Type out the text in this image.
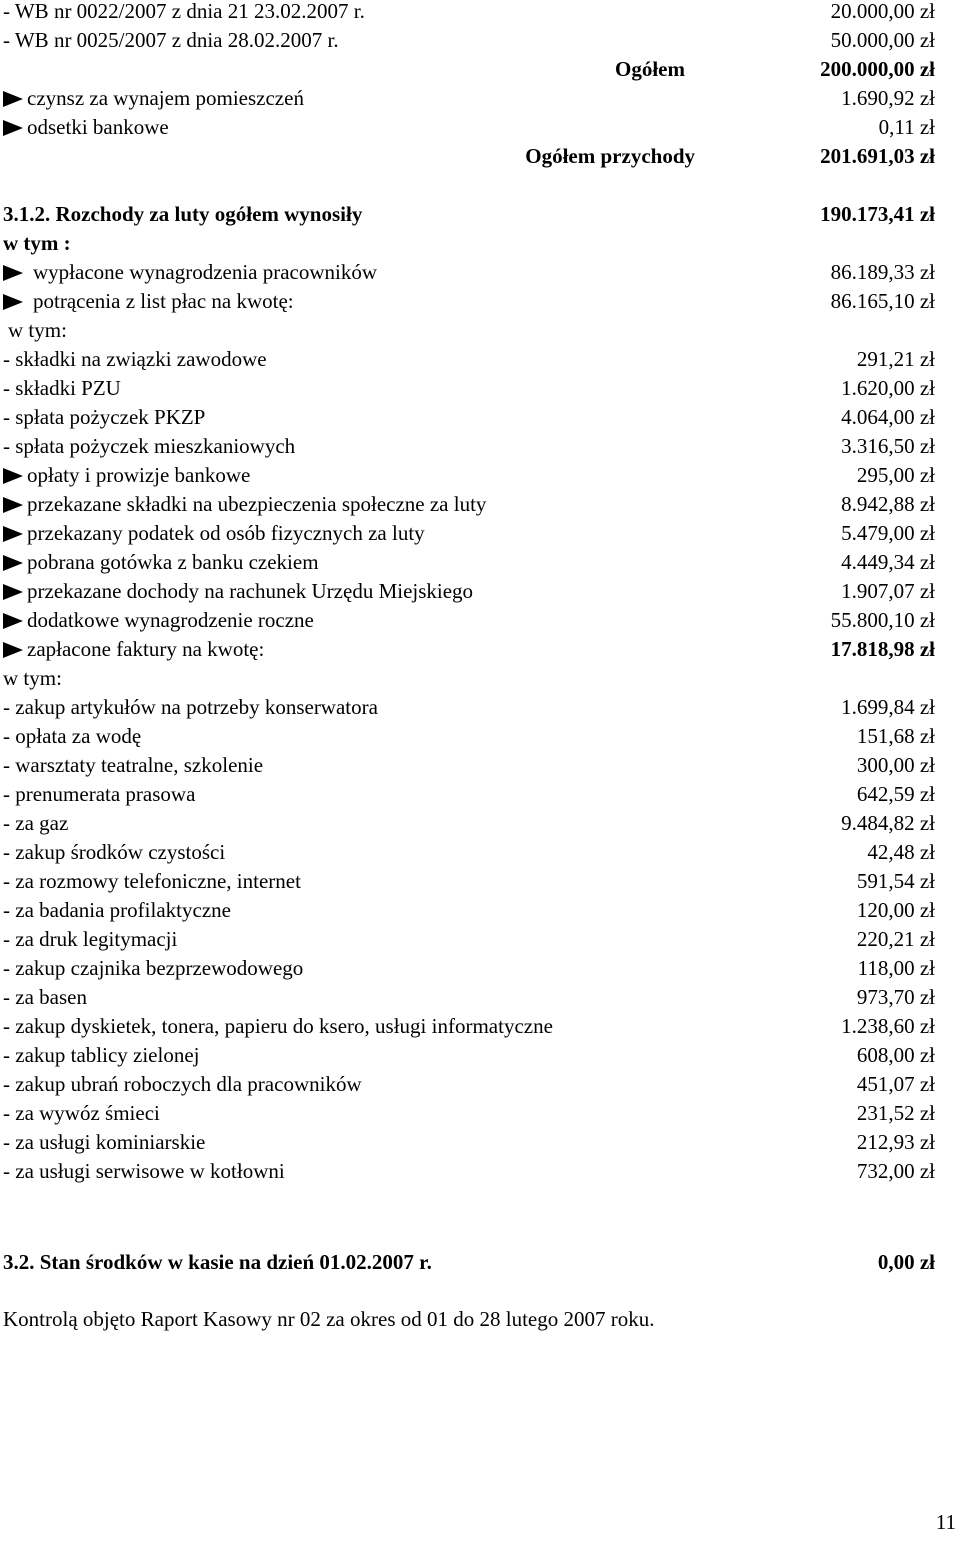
- WB nr 0022/2007 z dnia 21 23.02.2007 r.	20.000,00 zł
- WB nr 0025/2007 z dnia 28.02.2007 r.	50.000,00 zł
Ogółem	200.000,00 zł
czynsz za wynajem pomieszczeń	1.690,92 zł
odsetki bankowe	0,11 zł
Ogółem przychody	201.691,03 zł
3.1.2. Rozchody za luty ogółem wynosiły	190.173,41 zł
w tym :
wypłacone wynagrodzenia pracowników	86.189,33 zł
potrącenia z list płac na kwotę:	86.165,10 zł
w tym:
- składki na związki zawodowe	291,21 zł
- składki PZU	1.620,00 zł
- spłata pożyczek PKZP	4.064,00 zł
- spłata pożyczek mieszkaniowych	3.316,50 zł
opłaty i prowizje bankowe	295,00 zł
przekazane składki na ubezpieczenia społeczne za luty	8.942,88 zł
przekazany podatek od osób fizycznych za luty	5.479,00 zł
pobrana gotówka z banku czekiem	4.449,34 zł
przekazane dochody na rachunek Urzędu Miejskiego	1.907,07 zł
dodatkowe wynagrodzenie roczne	55.800,10 zł
zapłacone faktury na kwotę:	17.818,98 zł
w tym:
- zakup artykułów na potrzeby konserwatora	1.699,84 zł
- opłata za wodę	151,68 zł
- warsztaty teatralne, szkolenie	300,00 zł
- prenumerata prasowa	642,59 zł
- za gaz	9.484,82 zł
- zakup środków czystości	42,48 zł
- za rozmowy telefoniczne, internet	591,54 zł
- za badania profilaktyczne	120,00 zł
- za druk legitymacji	220,21 zł
- zakup czajnika bezprzewodowego	118,00 zł
- za basen	973,70 zł
- zakup dyskietek, tonera, papieru do ksero, usługi informatyczne	1.238,60 zł
- zakup tablicy zielonej	608,00 zł
- zakup ubrań roboczych dla pracowników	451,07 zł
- za wywóz śmieci	231,52 zł
- za usługi kominiarskie	212,93 zł
- za usługi serwisowe w kotłowni	732,00 zł
3.2. Stan środków w kasie na dzień 01.02.2007 r.	0,00 zł
Kontrolą objęto Raport Kasowy nr 02 za okres od 01 do 28 lutego 2007 roku.
11
